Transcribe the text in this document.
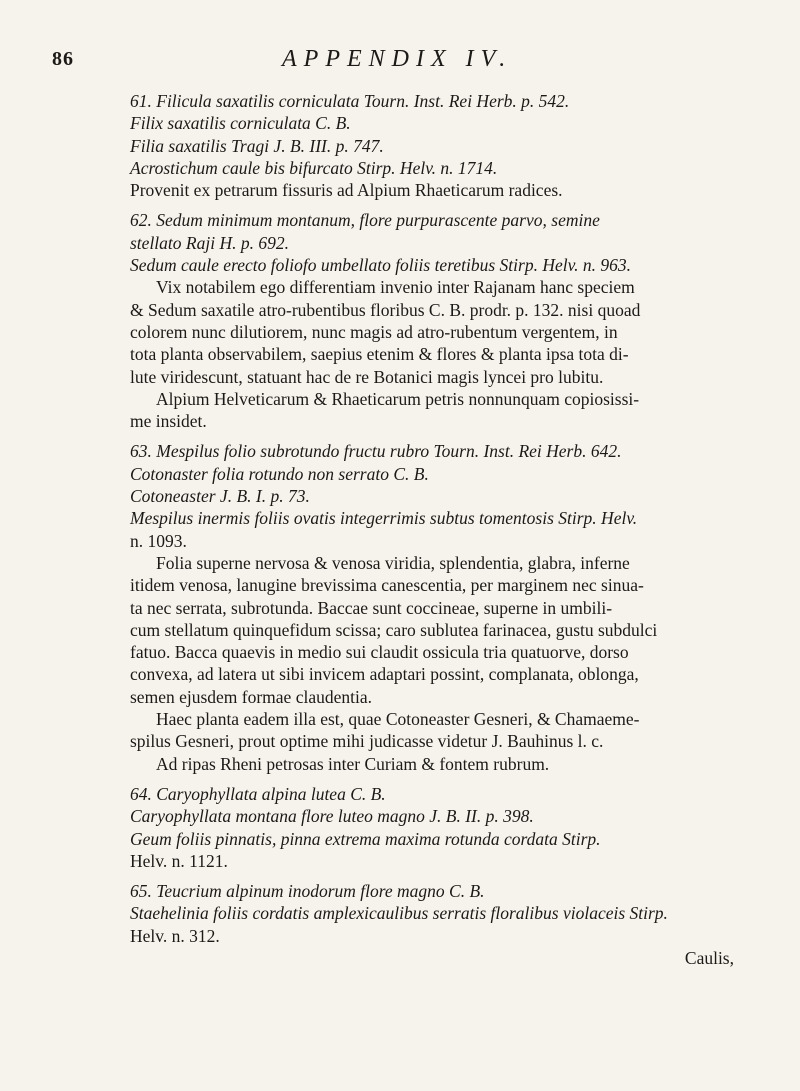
86	APPENDIX IV.

61. Filicula saxatilis corniculata Tourn. Inst. Rei Herb. p. 542.

Filix saxatilis corniculata C. B.

Filia saxatilis Tragi J. B. III. p. 747.

Acrostichum caule bis bifurcato Stirp. Helv. n. 1714.

Provenit ex petrarum fissuris ad Alpium Rhaeticarum radices.

62. Sedum minimum montanum, flore purpurascente parvo, semine

stellato Raji H. p. 692.

Sedum caule erecto foliofo umbellato foliis teretibus Stirp. Helv. n. 963.

Vix notabilem ego differentiam invenio inter Rajanam hanc speciem

& Sedum saxatile atro-rubentibus floribus C. B. prodr. p. 132. nisi quoad

colorem nunc dilutiorem, nunc magis ad atro-rubentum vergentem, in

tota planta observabilem, saepius etenim & flores & planta ipsa tota di-

lute viridescunt, statuant hac de re Botanici magis lyncei pro lubitu.

Alpium Helveticarum & Rhaeticarum petris nonnunquam copiosissi-

me insidet.

63. Mespilus folio subrotundo fructu rubro Tourn. Inst. Rei Herb. 642.

Cotonaster folia rotundo non serrato C. B.

Cotoneaster J. B. I. p. 73.

Mespilus inermis foliis ovatis integerrimis subtus tomentosis Stirp. Helv.

n. 1093.

Folia superne nervosa & venosa viridia, splendentia, glabra, inferne

itidem venosa, lanugine brevissima canescentia, per marginem nec sinua-

ta nec serrata, subrotunda. Baccae sunt coccineae, superne in umbili-

cum stellatum quinquefidum scissa; caro sublutea farinacea, gustu subdulci

fatuo. Bacca quaevis in medio sui claudit ossicula tria quatuorve, dorso

convexa, ad latera ut sibi invicem adaptari possint, complanata, oblonga,

semen ejusdem formae claudentia.

Haec planta eadem illa est, quae Cotoneaster Gesneri, & Chamaeme-

spilus Gesneri, prout optime mihi judicasse videtur J. Bauhinus l. c.

Ad ripas Rheni petrosas inter Curiam & fontem rubrum.

64. Caryophyllata alpina lutea C. B.

Caryophyllata montana flore luteo magno J. B. II. p. 398.

Geum foliis pinnatis, pinna extrema maxima rotunda cordata Stirp.

Helv. n. 1121.

65. Teucrium alpinum inodorum flore magno C. B.

Staehelinia foliis cordatis amplexicaulibus serratis floralibus violaceis Stirp.

Helv. n. 312.

Caulis,
